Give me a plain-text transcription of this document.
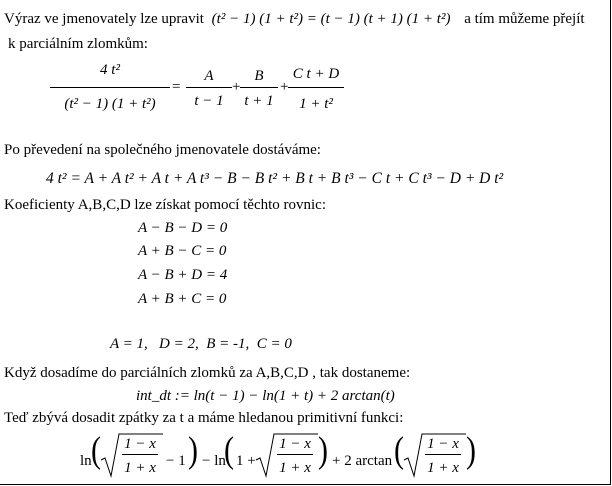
Výraz ve jmenovately lze upravit (t² − 1) (1 + t²) = (t − 1) (t + 1) (1 + t²) a tím můžeme přejít
k parciálním zlomkům:
4 t²
(t² − 1) (1 + t²)
=
A
t − 1
+
B
t + 1
+
C t + D
1 + t²
Po převedení na společného jmenovatele dostáváme:
4 t² = A + A t² + A t + A t³ − B − B t² + B t + B t³ − C t + C t³ − D + D t²
Koeficienty A,B,C,D lze získat pomocí těchto rovnic:
A − B − D = 0
A + B − C = 0
A − B + D = 4
A + B + C = 0
A = 1,   D = 2,  B = -1,  C = 0
Když dosadíme do parciálních zlomků za A,B,C,D , tak dostaneme:
int_dt := ln(t − 1) − ln(1 + t) + 2 arctan(t)
Teď zbývá dosadit zpátky za t a máme hledanou primitivní funkci:
ln ( 1 − x
1 + x − 1 ) − ln
( 1 +
1 − x
1 + x ) + 2 arctan ( 1 − x
1 + x )
